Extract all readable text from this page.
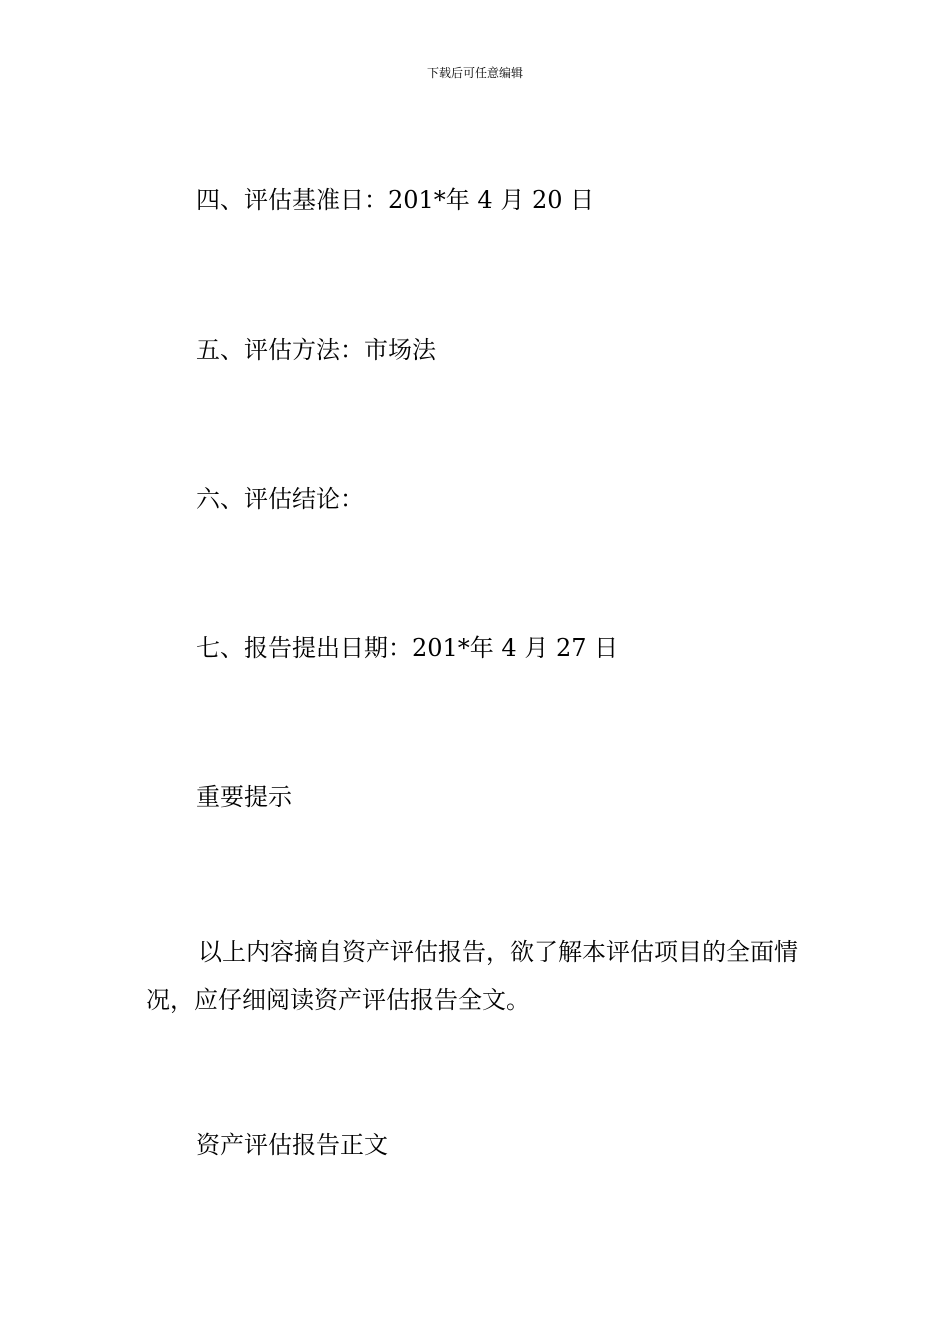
下载后可任意编辑
四、评估基准日：201*年 4 月 20 日
五、评估方法：市场法
六、评估结论：
七、报告提出日期：201*年 4 月 27 日
重要提示
以上内容摘自资产评估报告，欲了解本评估项目的全面情况，应仔细阅读资产评估报告全文。
资产评估报告正文
